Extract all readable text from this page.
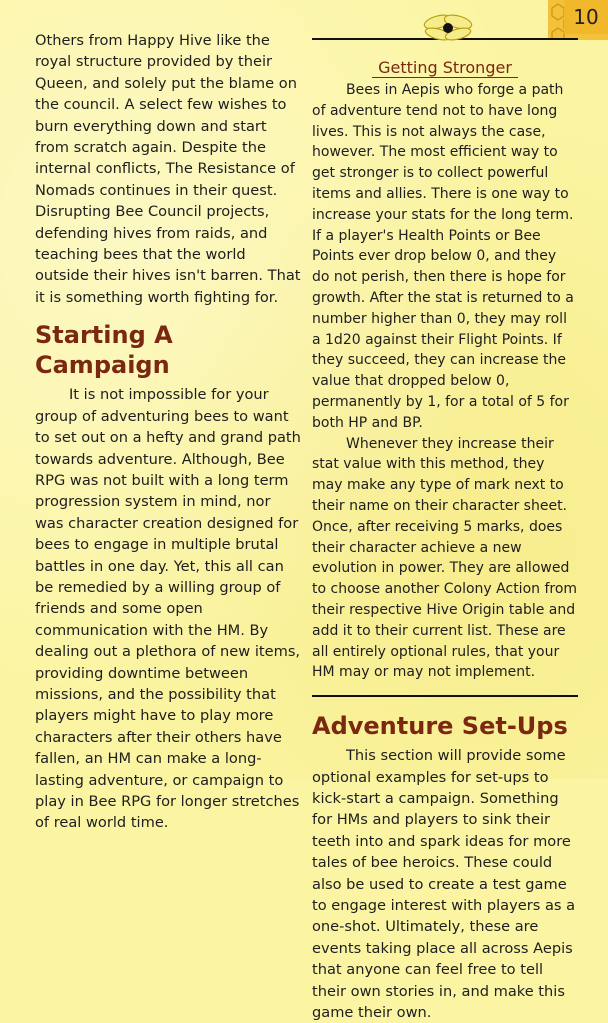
10

Others from Happy Hive like the royal structure provided by their Queen, and solely put the blame on the council. A select few wishes to burn everything down and start from scratch again. Despite the internal conflicts, The Resistance of Nomads continues in their quest. Disrupting Bee Council projects, defending hives from raids, and teaching bees that the world outside their hives isn't barren. That it is something worth fighting for.

Starting A Campaign

It is not impossible for your group of adventuring bees to want to set out on a hefty and grand path towards adventure. Although, Bee RPG was not built with a long term progression system in mind, nor was character creation designed for bees to engage in multiple brutal battles in one day. Yet, this all can be remedied by a willing group of friends and some open communication with the HM. By dealing out a plethora of new items, providing downtime between missions, and the possibility that players might have to play more characters after their others have fallen, an HM can make a long-lasting adventure, or campaign to play in Bee RPG for longer stretches of real world time.

Getting Stronger

Bees in Aepis who forge a path of adventure tend not to have long lives. This is not always the case, however. The most efficient way to get stronger is to collect powerful items and allies. There is one way to increase your stats for the long term. If a player's Health Points or Bee Points ever drop below 0, and they do not perish, then there is hope for growth. After the stat is returned to a number higher than 0, they may roll a 1d20 against their Flight Points. If they succeed, they can increase the value that dropped below 0, permanently by 1, for a total of 5 for both HP and BP.

Whenever they increase their stat value with this method, they may make any type of mark next to their name on their character sheet. Once, after receiving 5 marks, does their character achieve a new evolution in power. They are allowed to choose another Colony Action from their respective Hive Origin table and add it to their current list. These are all entirely optional rules, that your HM may or may not implement.

Adventure Set-Ups

This section will provide some optional examples for set-ups to kick-start a campaign. Something for HMs and players to sink their teeth into and spark ideas for more tales of bee heroics. These could also be used to create a test game to engage interest with players as a one-shot. Ultimately, these are events taking place all across Aepis that anyone can feel free to tell their own stories in, and make this game their own.
